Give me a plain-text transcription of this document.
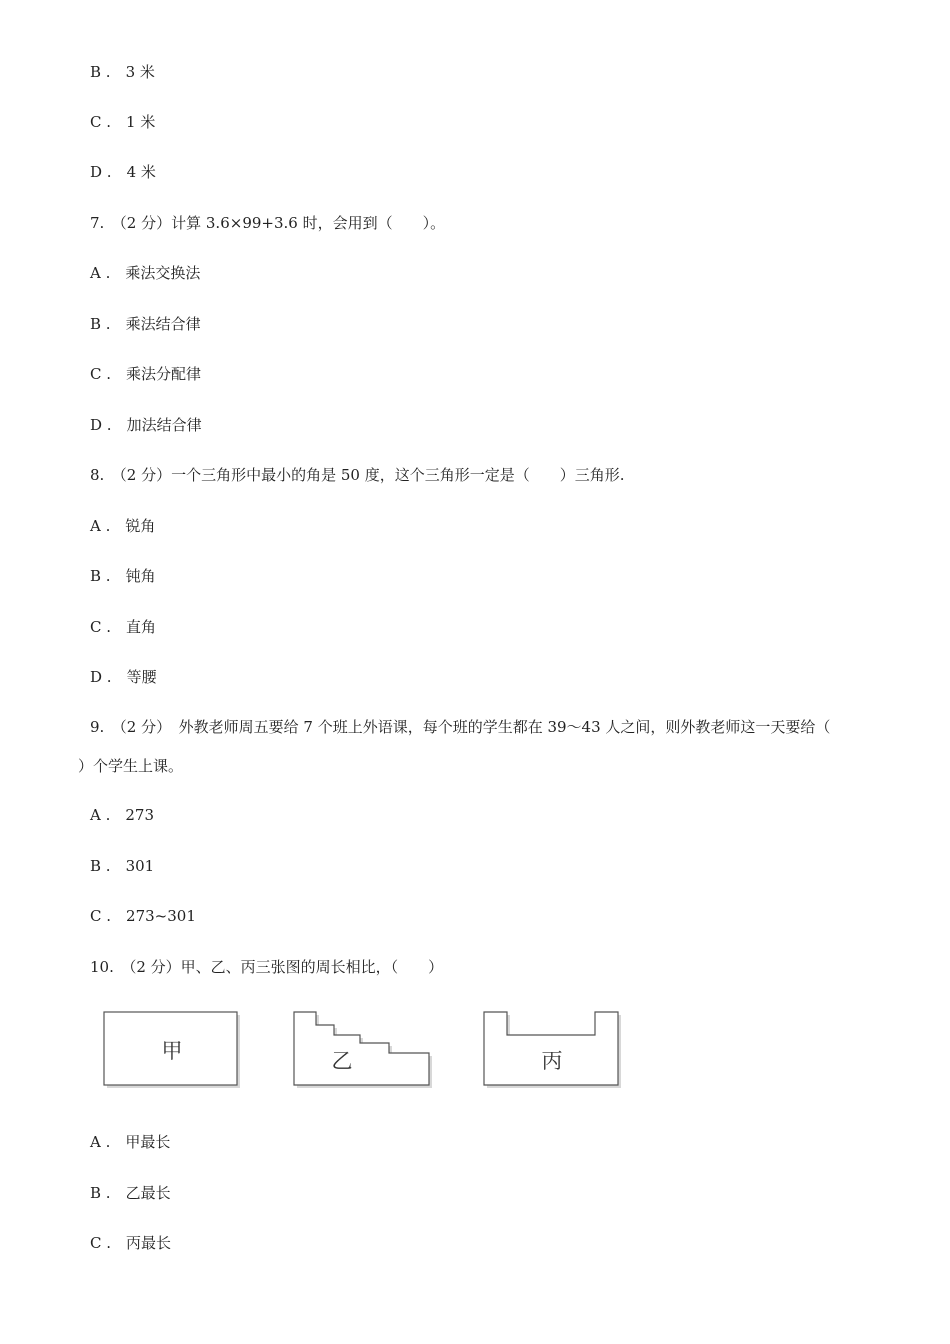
B .　3 米
C .　1 米
D .　4 米
7.　（2 分）计算 3.6×99+3.6 时，会用到（　　）。
A .　乘法交换法
B .　乘法结合律
C .　乘法分配律
D .　加法结合律
8.　（2 分）一个三角形中最小的角是 50 度，这个三角形一定是（　　）三角形.
A .　锐角
B .　钝角
C .　直角
D .　等腰
9.　（2 分）　外教老师周五要给 7 个班上外语课，每个班的学生都在 39～43 人之间，则外教老师这一天要给（
）个学生上课。
A .　273
B .　301
C .　273~301
10.　（2 分）甲、乙、丙三张图的周长相比，（　　）
甲	乙	丙
A .　甲最长
B .　乙最长
C .　丙最长
